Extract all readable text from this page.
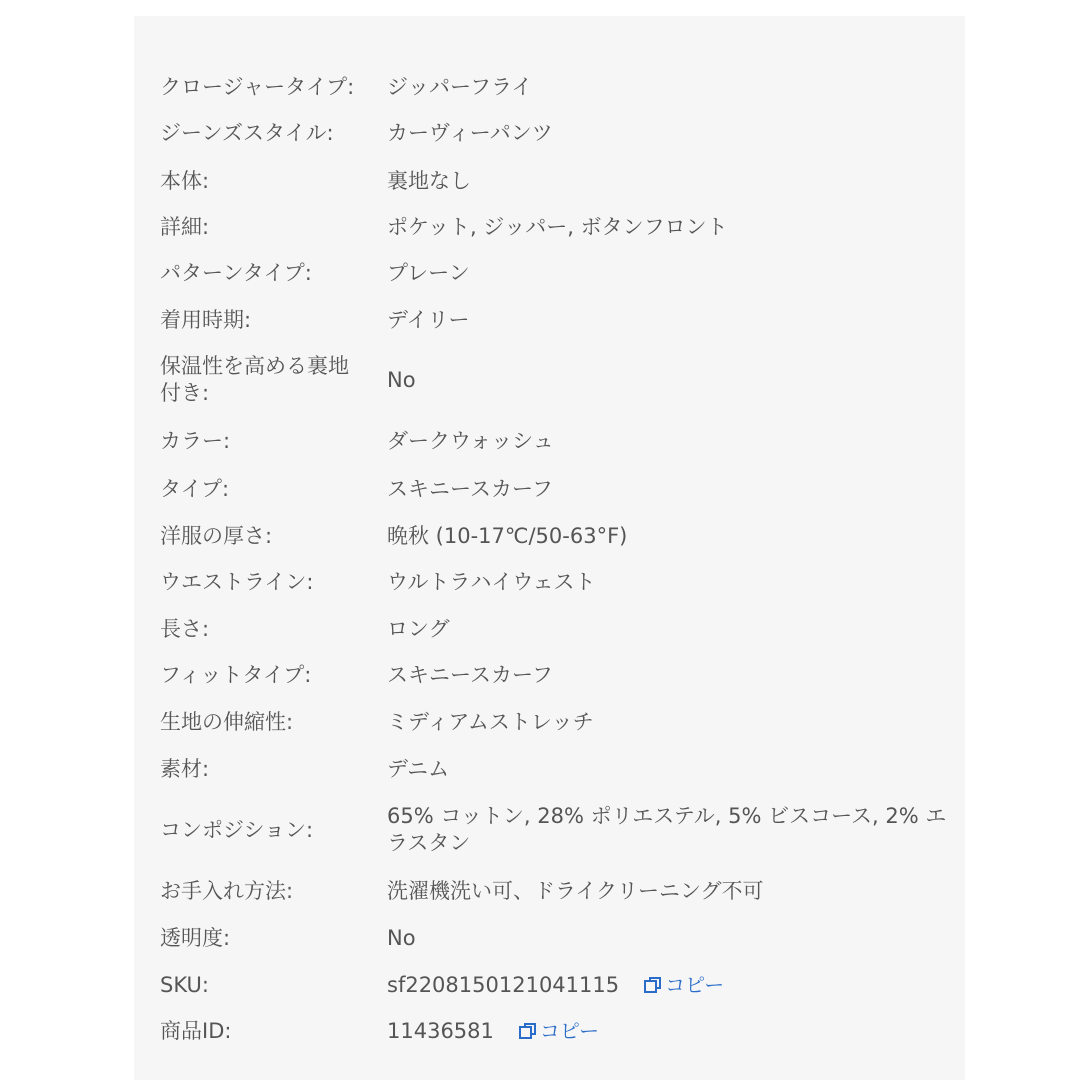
クロージャータイプ: ジッパーフライ
ジーンズスタイル:	カーヴィーパンツ
本体:	裏地なし
詳細:	ポケット, ジッパー, ボタンフロント
パターンタイプ:	プレーン
着用時期:	デイリー
保温性を高める裏地付き:
No
カラー:	ダークウォッシュ
タイプ:	スキニースカーフ
洋服の厚さ:	晩秋 (10-17℃/50-63°F)
ウエストライン:	ウルトラハイウェスト
長さ:	ロング
フィットタイプ:	スキニースカーフ
生地の伸縮性:	ミディアムストレッチ
素材:	デニム
コンポジション:
65% コットン, 28% ポリエステル, 5% ビスコース, 2% エラスタン
お手入れ方法:	洗濯機洗い可、ドライクリーニング不可
透明度:	No
SKU:	sf2208150121041115 コピー
商品ID:	11436581 コピー
